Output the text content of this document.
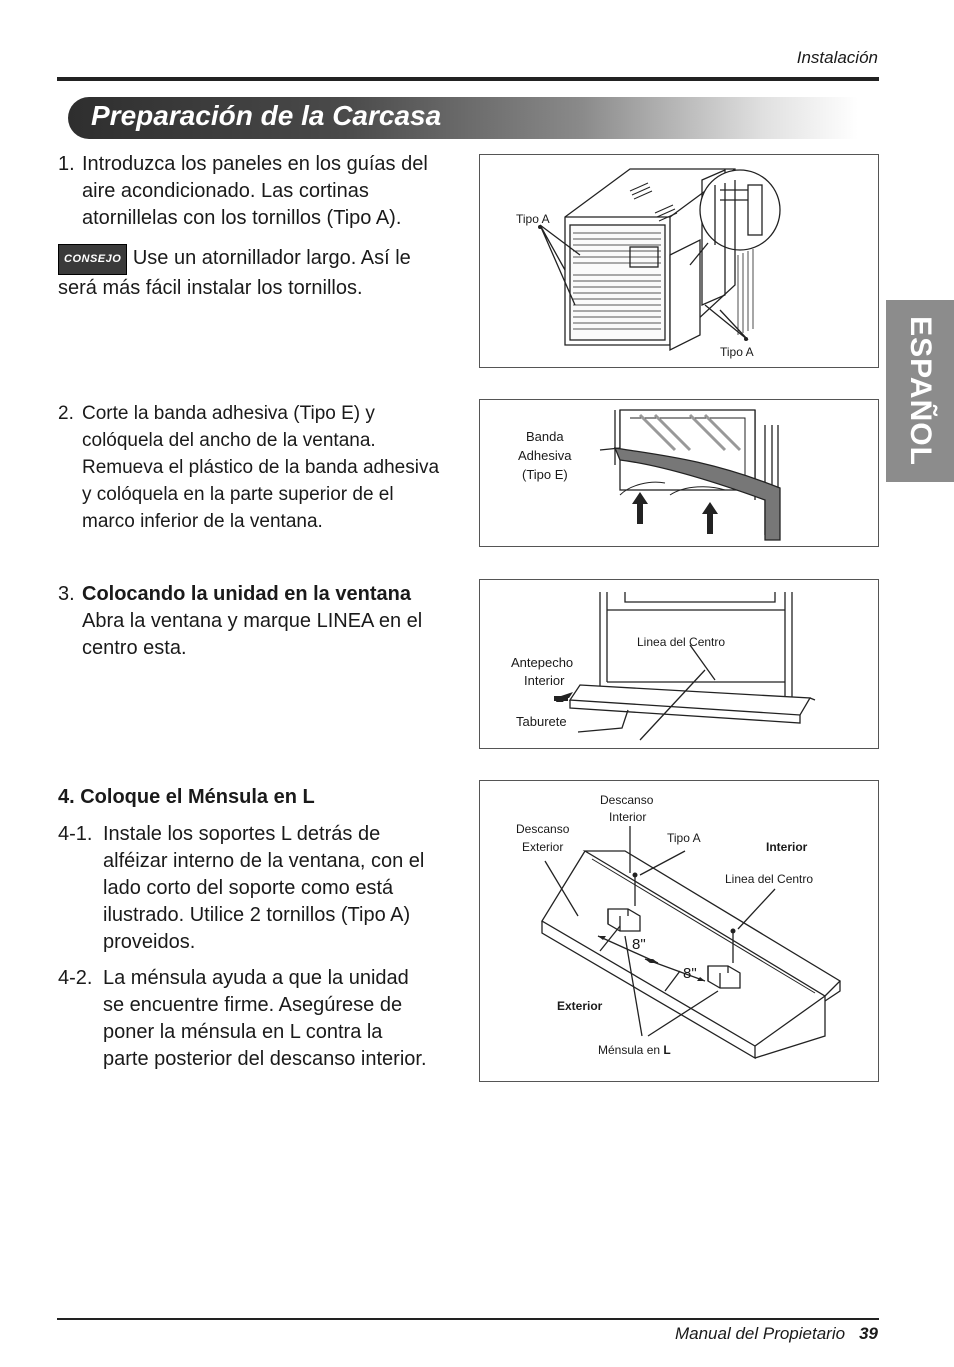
Instalación
Preparación de la Carcasa
ESPAÑOL
1. Introduzca los paneles en los guías del
aire acondicionado. Las cortinas
atornillelas con los tornillos (Tipo A).
CONSEJO Use un atornillador largo. Así le
será más fácil instalar los tornillos.
Tipo A
Tipo A
2. Corte la banda adhesiva (Tipo E) y
colóquela del ancho de la ventana.
Remueva el plástico de la banda adhesiva
y colóquela en la parte superior de el
marco inferior de la ventana.
Banda
Adhesiva
(Tipo E)
3. Colocando la unidad en la ventana
Abra la ventana y marque LINEA en el
centro esta.	Linea del Centro
Antepecho
Interior
Taburete
4. Coloque el Ménsula en L
4-1. Instale los soportes L detrás de
alféizar interno de la ventana, con el
lado corto del soporte como está
ilustrado. Utilice 2 tornillos (Tipo A)
proveidos.
4-2. La ménsula ayuda a que la unidad
se encuentre firme. Asegúrese de
poner la ménsula en L contra la
parte posterior del descanso interior.
Descanso
Interior
Descanso
Exterior
Tipo A
Interior
Linea del Centro
8"
8"
Exterior
Ménsula en L
Manual del Propietario 39
